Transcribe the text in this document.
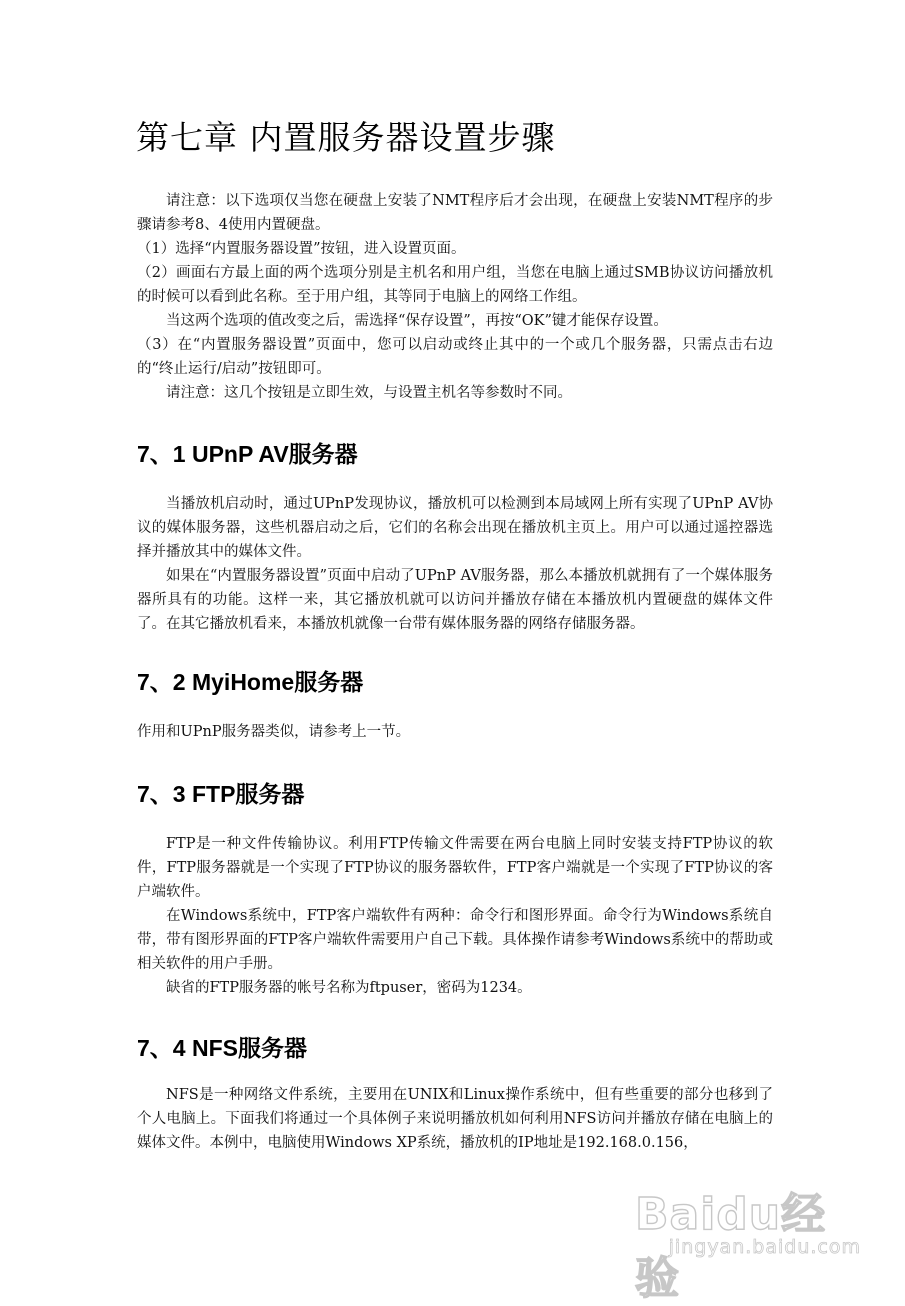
第七章 内置服务器设置步骤

请注意：以下选项仅当您在硬盘上安装了NMT程序后才会出现，在硬盘上安装NMT程序的步骤请参考8、4使用内置硬盘。

（1）选择“内置服务器设置”按钮，进入设置页面。

（2）画面右方最上面的两个选项分别是主机名和用户组，当您在电脑上通过SMB协议访问播放机的时候可以看到此名称。至于用户组，其等同于电脑上的网络工作组。

当这两个选项的值改变之后，需选择“保存设置”，再按“OK”键才能保存设置。

（3）在“内置服务器设置”页面中，您可以启动或终止其中的一个或几个服务器，只需点击右边的“终止运行/启动”按钮即可。

请注意：这几个按钮是立即生效，与设置主机名等参数时不同。

7、1 UPnP AV服务器

当播放机启动时，通过UPnP发现协议，播放机可以检测到本局域网上所有实现了UPnP AV协议的媒体服务器，这些机器启动之后，它们的名称会出现在播放机主页上。用户可以通过遥控器选择并播放其中的媒体文件。

如果在“内置服务器设置”页面中启动了UPnP AV服务器，那么本播放机就拥有了一个媒体服务器所具有的功能。这样一来，其它播放机就可以访问并播放存储在本播放机内置硬盘的媒体文件了。在其它播放机看来，本播放机就像一台带有媒体服务器的网络存储服务器。

7、2 MyiHome服务器

作用和UPnP服务器类似，请参考上一节。

7、3 FTP服务器

FTP是一种文件传输协议。利用FTP传输文件需要在两台电脑上同时安装支持FTP协议的软件，FTP服务器就是一个实现了FTP协议的服务器软件，FTP客户端就是一个实现了FTP协议的客户端软件。

在Windows系统中，FTP客户端软件有两种：命令行和图形界面。命令行为Windows系统自带，带有图形界面的FTP客户端软件需要用户自己下载。具体操作请参考Windows系统中的帮助或相关软件的用户手册。

缺省的FTP服务器的帐号名称为ftpuser，密码为1234。

7、4 NFS服务器

NFS是一种网络文件系统，主要用在UNIX和Linux操作系统中，但有些重要的部分也移到了个人电脑上。下面我们将通过一个具体例子来说明播放机如何利用NFS访问并播放存储在电脑上的媒体文件。本例中，电脑使用Windows XP系统，播放机的IP地址是192.168.0.156，

Baidu经验
jingyan.baidu.com
